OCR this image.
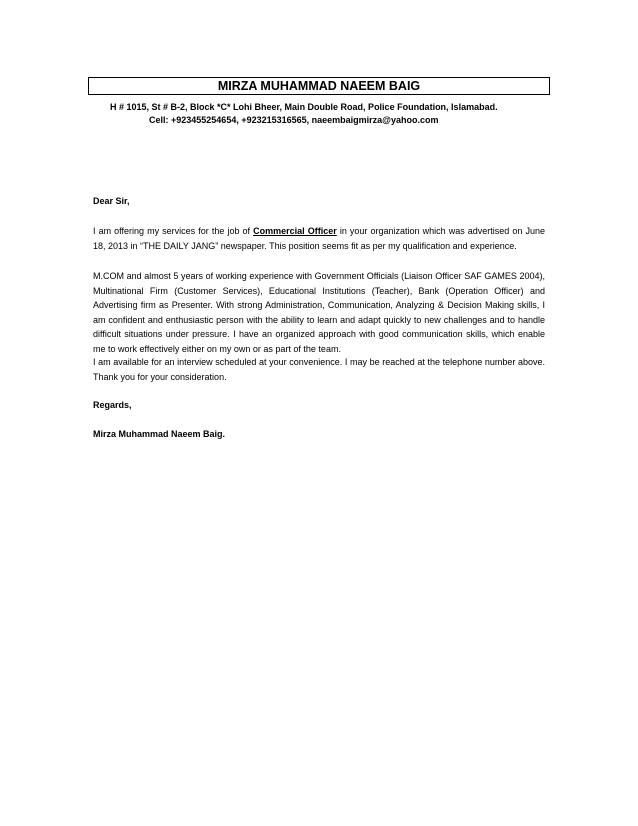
MIRZA MUHAMMAD NAEEM BAIG
H # 1015, St # B-2, Block *C* Lohi Bheer, Main Double Road, Police Foundation, Islamabad.
Cell: +923455254654, +923215316565, naeembaigmirza@yahoo.com
Dear Sir,
I am offering my services for the job of Commercial Officer in your organization which was advertised on June 18, 2013 in “THE DAILY JANG” newspaper. This position seems fit as per my qualification and experience.
M.COM and almost 5 years of working experience with Government Officials (Liaison Officer SAF GAMES 2004), Multinational Firm (Customer Services), Educational Institutions (Teacher), Bank (Operation Officer) and Advertising firm as Presenter. With strong Administration, Communication, Analyzing & Decision Making skills, I am confident and enthusiastic person with the ability to learn and adapt quickly to new challenges and to handle difficult situations under pressure. I have an organized approach with good communication skills, which enable me to work effectively either on my own or as part of the team.
I am available for an interview scheduled at your convenience. I may be reached at the telephone number above. Thank you for your consideration.
Regards,
Mirza Muhammad Naeem Baig.
